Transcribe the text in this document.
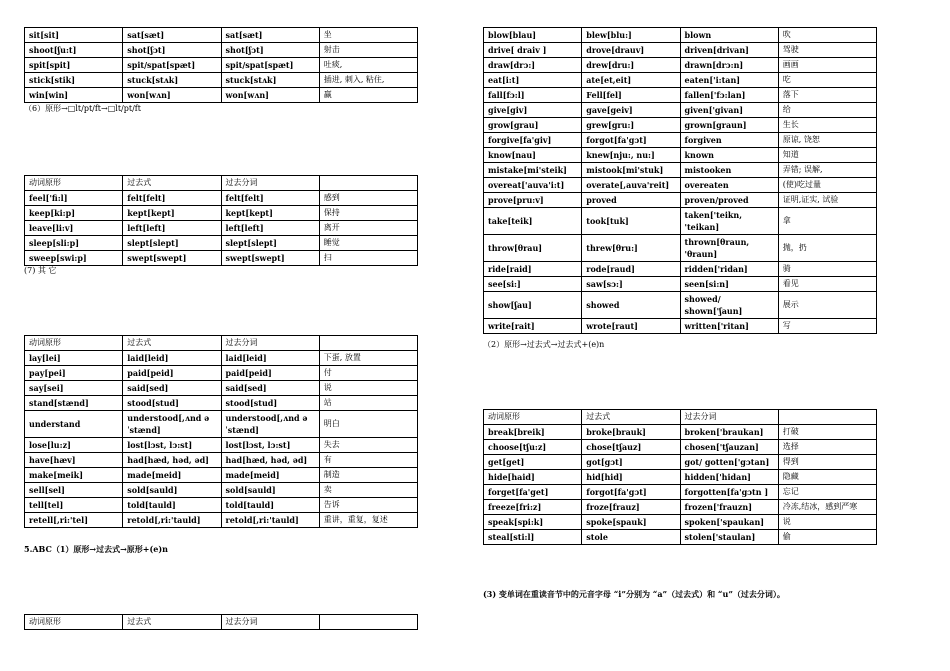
sit[sit]	sat[sæt]	sat[sæt]	坐
shoot[ʃu:t]	shot[ʃɔt]	shot[ʃɔt]	射击
spit[spit]	spit/spat[spæt]	spit/spat[spæt]	吐痰,
stick[stik]	stuck[stʌk]	stuck[stʌk]	插进, 刺入, 粘住,
win[win]	won[wʌn]	won[wʌn]	赢
（6）原形→□lt/pt/ft→□lt/pt/ft
动词原形	过去式	过去分词	
feel['fi:l]	felt[felt]	felt[felt]	感到
keep[ki:p]	kept[kept]	kept[kept]	保持
leave[li:v]	left[left]	left[left]	离开
sleep[sli:p]	slept[slept]	slept[slept]	睡觉
sweep[swi:p]	swept[swept]	swept[swept]	扫
(7) 其 它
动词原形	过去式	过去分词	
lay[lei]	laid[leid]	laid[leid]	下蛋, 放置
pay[pei]	paid[peid]	paid[peid]	付
say[sei]	said[sed]	said[sed]	说
stand[stænd]	stood[stud]	stood[stud]	站
understand	understood[,ʌnd əˈstænd]	understood[,ʌnd əˈstænd]	明白
lose[lu:z]	lost[lɔst, lɔ:st]	lost[lɔst, lɔ:st]	失去
have[hæv]	had[hæd, həd, əd]	had[hæd, həd, əd]	有
make[meik]	made[meid]	made[meid]	制造
sell[sel]	sold[sauld]	sold[sauld]	卖
tell[tel]	told[tauld]	told[tauld]	告诉
retell[,ri:'tel]	retold[,ri:'tauld]	retold[,ri:'tauld]	重讲，重复，复述
5.ABC（1）原形→过去式→原形+(e)n
动词原形	过去式	过去分词	
blow[blau]	blew[blu:]	blown	吹
drive[ draiv ]	drove[drauv]	driven[drivan]	驾驶
draw[drɔ:]	drew[dru:]	drawn[drɔ:n]	画画
eat[i:t]	ate[et,eit]	eaten['i:tan]	吃
fall[fɔ:l]	Fell[fel]	fallen['fɔ:lan]	落下
give[giv]	gave[geiv]	given['givan]	给
grow[grau]	grew[gru:]	grown[graun]	生长
forgive[fa'giv]	forgot[fa'gɔt]	forgiven	原谅, 饶恕
know[nau]	knew[nju:, nu:]	known	知道
mistake[mi'steik]	mistook[mi'stuk]	mistooken	弄错; 误解,
overeat['auva'i:t]	overate[,auva'reit]	overeaten	(使)吃过量
prove[pru:v]	proved	proven/proved	证明,证实, 试验
take[teik]	took[tuk]	taken['teikn, 'teikan]	拿
throw[θrau]	threw[θru:]	thrown[θraun, 'θraun]	抛，扔
ride[raid]	rode[raud]	ridden['ridan]	骑
see[si:]	saw[sɔ:]	seen[si:n]	看见
show[ʃau]	showed	showed/ shown['ʃaun]	展示
write[rait]	wrote[raut]	written['ritan]	写
（2）原形→过去式→过去式+(e)n
动词原形	过去式	过去分词	
break[breik]	broke[brauk]	broken['braukan]	打破
choose[tʃu:z]	chose[tʃauz]	chosen['tʃauzan]	选择
get[get]	got[gɔt]	got/ gotten['gɔtan]	得到
hide[haid]	hid[hid]	hidden['hidan]	隐藏
forget[fa'get]	forgot[fa'gɔt]	forgotten[fa'gɔtn ]	忘记
freeze[fri:z]	froze[frauz]	frozen['frauzn]	冷冻,结冰，感到严寒
speak[spi:k]	spoke[spauk]	spoken['spaukan]	说
steal[sti:l]	stole	stolen['staulan]	偷
(3) 变单词在重读音节中的元音字母 “i”分别为 “a”（过去式）和 “u”（过去分词）。
